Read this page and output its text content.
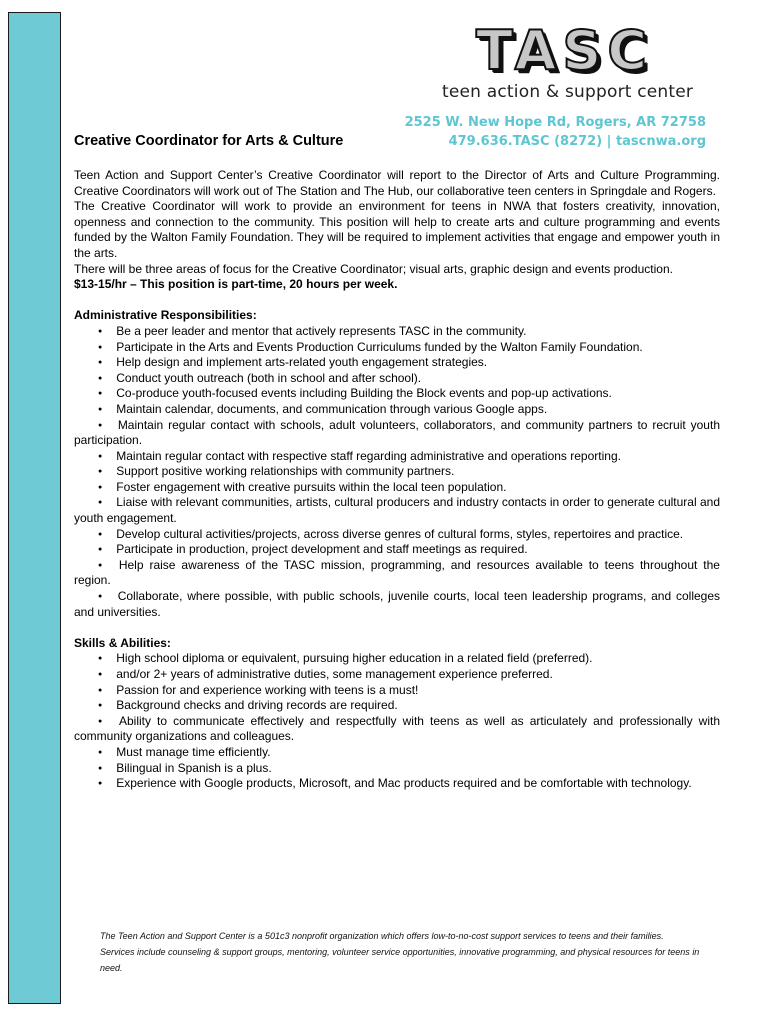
TASC
teen action & support center
2525 W. New Hope Rd, Rogers, AR 72758
479.636.TASC (8272) | tascnwa.org
Creative Coordinator for Arts & Culture

Teen Action and Support Center’s Creative Coordinator will report to the Director of Arts and Culture Programming. Creative Coordinators will work out of The Station and The Hub, our collaborative teen centers in Springdale and Rogers.

The Creative Coordinator will work to provide an environment for teens in NWA that fosters creativity, innovation, openness and connection to the community. This position will help to create arts and culture programming and events funded by the Walton Family Foundation. They will be required to implement activities that engage and empower youth in the arts.

There will be three areas of focus for the Creative Coordinator; visual arts, graphic design and events production.

$13-15/hr – This position is part-time, 20 hours per week.

Administrative Responsibilities:
● Be a peer leader and mentor that actively represents TASC in the community.
● Participate in the Arts and Events Production Curriculums funded by the Walton Family Foundation.
● Help design and implement arts-related youth engagement strategies.
● Conduct youth outreach (both in school and after school).
● Co-produce youth-focused events including Building the Block events and pop-up activations.
● Maintain calendar, documents, and communication through various Google apps.
● Maintain regular contact with schools, adult volunteers, collaborators, and community partners to recruit youth participation.
● Maintain regular contact with respective staff regarding administrative and operations reporting.
● Support positive working relationships with community partners.
● Foster engagement with creative pursuits within the local teen population.
● Liaise with relevant communities, artists, cultural producers and industry contacts in order to generate cultural and youth engagement.
● Develop cultural activities/projects, across diverse genres of cultural forms, styles, repertoires and practice.
● Participate in production, project development and staff meetings as required.
● Help raise awareness of the TASC mission, programming, and resources available to teens throughout the region.
● Collaborate, where possible, with public schools, juvenile courts, local teen leadership programs, and colleges and universities.
Skills & Abilities:
● High school diploma or equivalent, pursuing higher education in a related field (preferred).
● and/or 2+ years of administrative duties, some management experience preferred.
● Passion for and experience working with teens is a must!
● Background checks and driving records are required.
● Ability to communicate effectively and respectfully with teens as well as articulately and professionally with community organizations and colleagues.
● Must manage time efficiently.
● Bilingual in Spanish is a plus.
● Experience with Google products, Microsoft, and Mac products required and be comfortable with technology.
The Teen Action and Support Center is a 501c3 nonprofit organization which offers low-to-no-cost support services to teens and their families. Services include counseling & support groups, mentoring, volunteer service opportunities, innovative programming, and physical resources for teens in need.
